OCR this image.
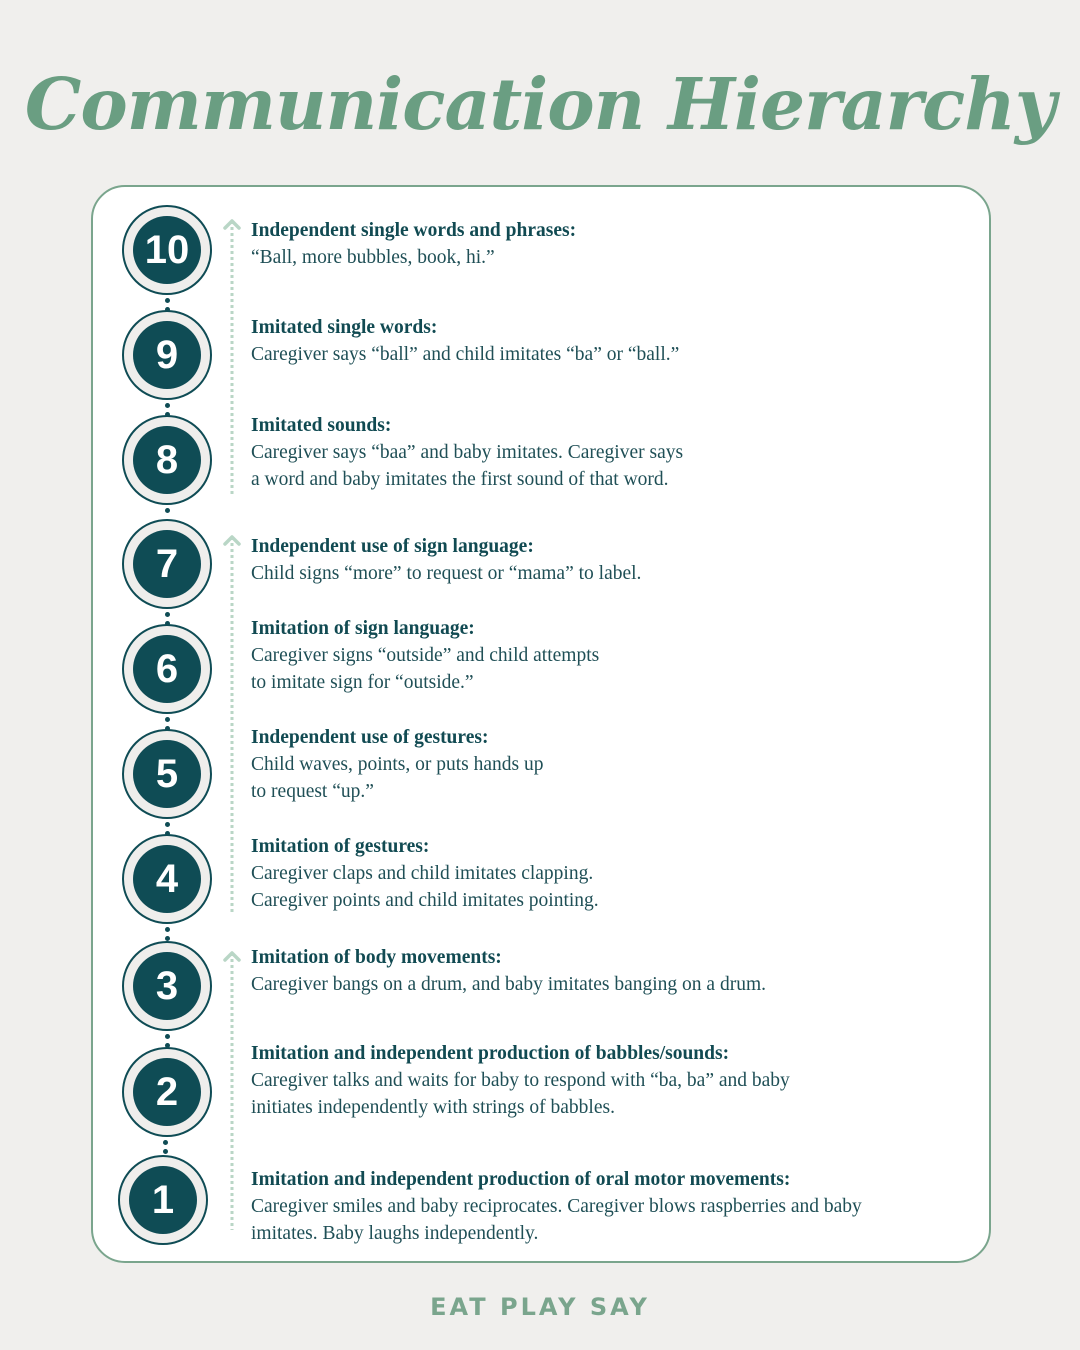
Communication Hierarchy
10	Independent single words and phrases:
“Ball, more bubbles, book, hi.”
9
Imitated single words:
Caregiver says “ball” and child imitates “ba” or “ball.”
8
Imitated sounds:
Caregiver says “baa” and baby imitates. Caregiver says
a word and baby imitates the first sound of that word.
7	Independent use of sign language:
Child signs “more” to request or “mama” to label.
6
Imitation of sign language:
Caregiver signs “outside” and child attempts
to imitate sign for “outside.”
5
Independent use of gestures:
Child waves, points, or puts hands up
to request “up.”
4
Imitation of gestures:
Caregiver claps and child imitates clapping.
Caregiver points and child imitates pointing.
3
Imitation of body movements:
Caregiver bangs on a drum, and baby imitates banging on a drum.
2
Imitation and independent production of babbles/sounds:
Caregiver talks and waits for baby to respond with “ba, ba” and baby
initiates independently with strings of babbles.
1	Imitation and independent production of oral motor movements:
Caregiver smiles and baby reciprocates. Caregiver blows raspberries and baby
imitates. Baby laughs independently.
EAT PLAY SAY
